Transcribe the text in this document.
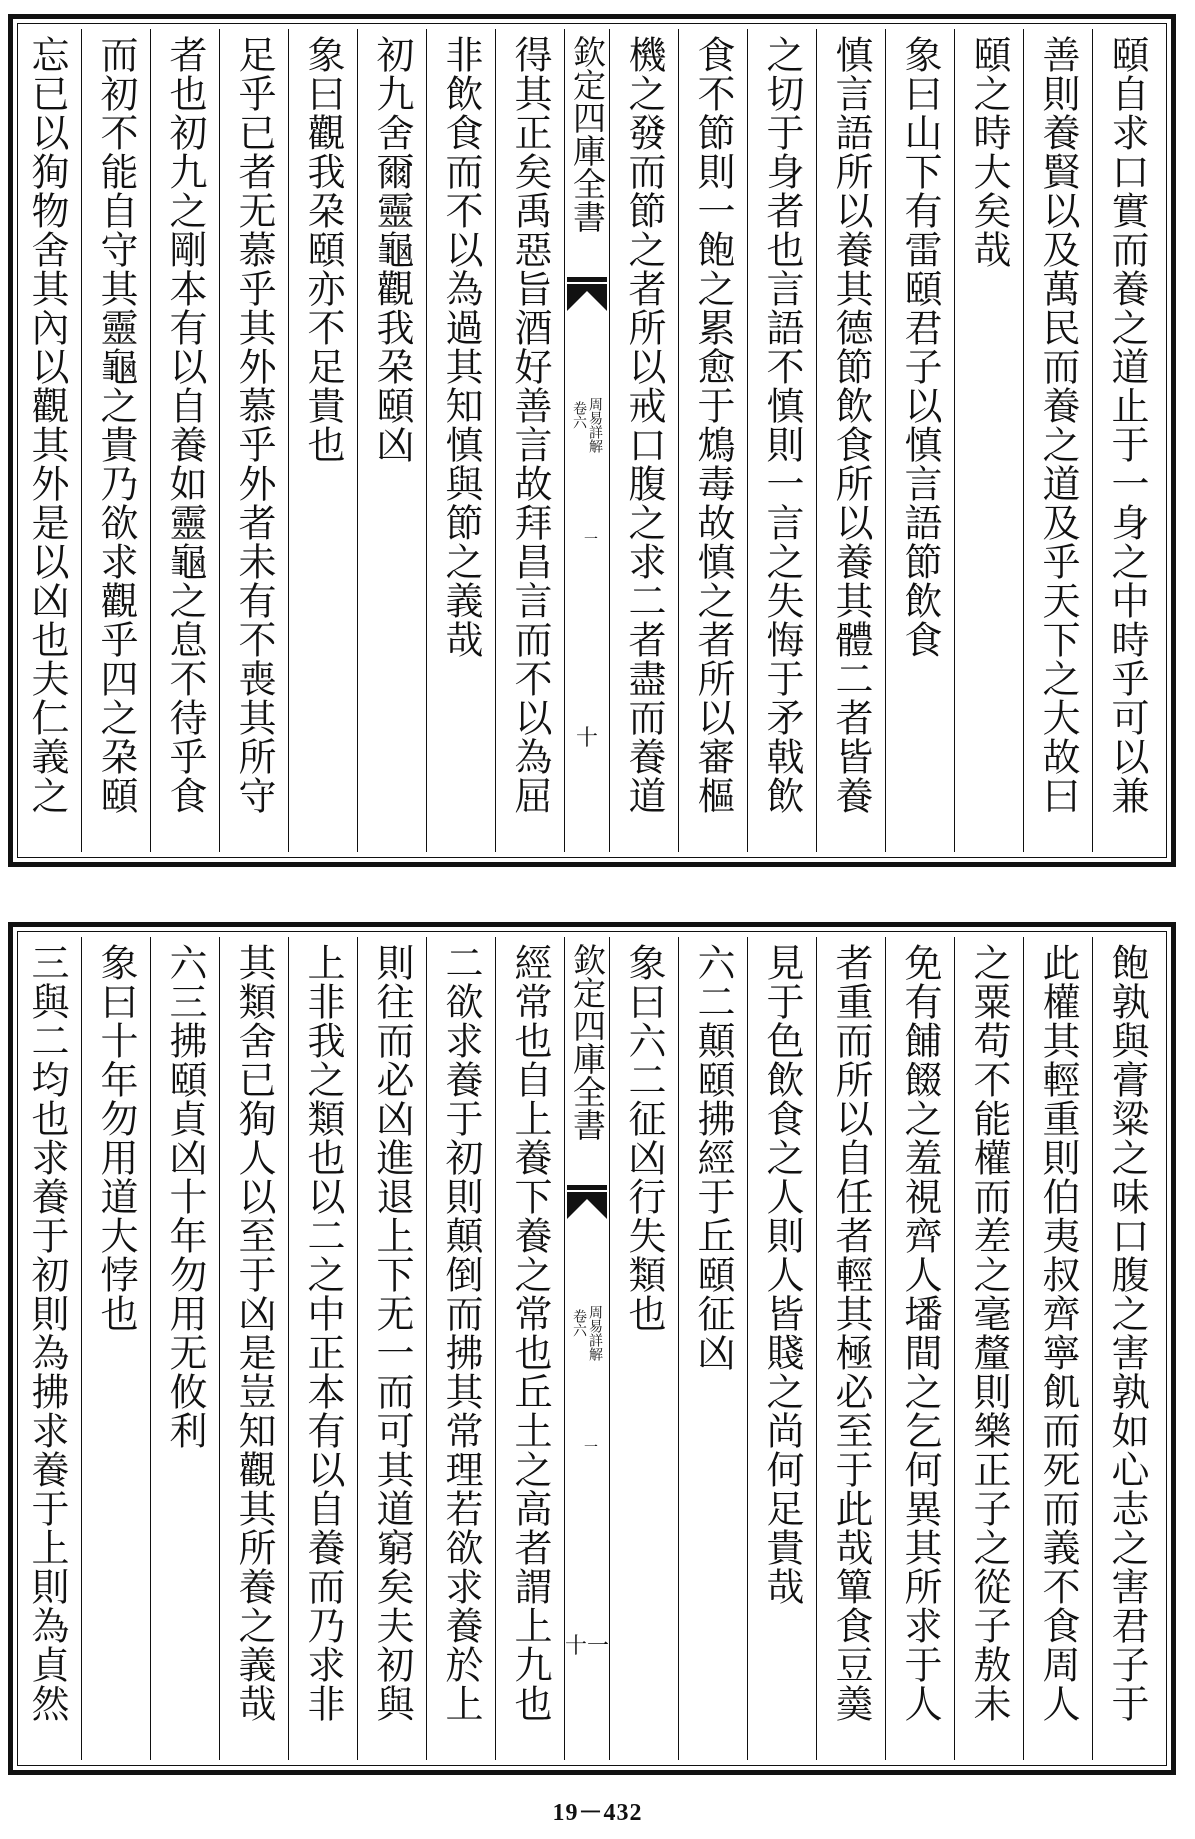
頤自求口實而養之道止于一身之中時乎可以兼
善則養賢以及萬民而養之道及乎天下之大故曰
頤之時大矣哉
象曰山下有雷頤君子以慎言語節飲食
慎言語所以養其德節飲食所以養其體二者皆養
之切于身者也言語不慎則一言之失悔于矛戟飲
食不節則一飽之累愈于鴆毒故慎之者所以審樞
機之發而節之者所以戒口腹之求二者盡而養道
欽定四庫全書
周易詳解
卷六
一
十
得其正矣禹惡旨酒好善言故拜昌言而不以為屈
非飲食而不以為過其知慎與節之義哉
初九舍爾靈龜觀我朶頤凶
象曰觀我朶頤亦不足貴也
足乎已者无慕乎其外慕乎外者未有不喪其所守
者也初九之剛本有以自養如靈龜之息不待乎食
而初不能自守其靈龜之貴乃欲求觀乎四之朶頤
忘已以狥物舍其內以觀其外是以凶也夫仁義之
飽孰與膏粱之味口腹之害孰如心志之害君子于
此權其輕重則伯夷叔齊寧飢而死而義不食周人
之粟苟不能權而差之毫釐則樂正子之從子敖未
免有餔餟之羞視齊人墦間之乞何異其所求于人
者重而所以自任者輕其極必至于此哉簞食豆羮
見于色飲食之人則人皆賤之尚何足貴哉
六二顛頤拂經于丘頤征凶
象曰六二征凶行失類也
欽定四庫全書
周易詳解
卷六
一
十一
經常也自上養下養之常也丘土之高者謂上九也
二欲求養于初則顛倒而拂其常理若欲求養於上
則往而必凶進退上下无一而可其道窮矣夫初與
上非我之類也以二之中正本有以自養而乃求非
其類舍已狥人以至于凶是豈知觀其所養之義哉
六三拂頤貞凶十年勿用无攸利
象曰十年勿用道大悖也
三與二均也求養于初則為拂求養于上則為貞然
19－432
